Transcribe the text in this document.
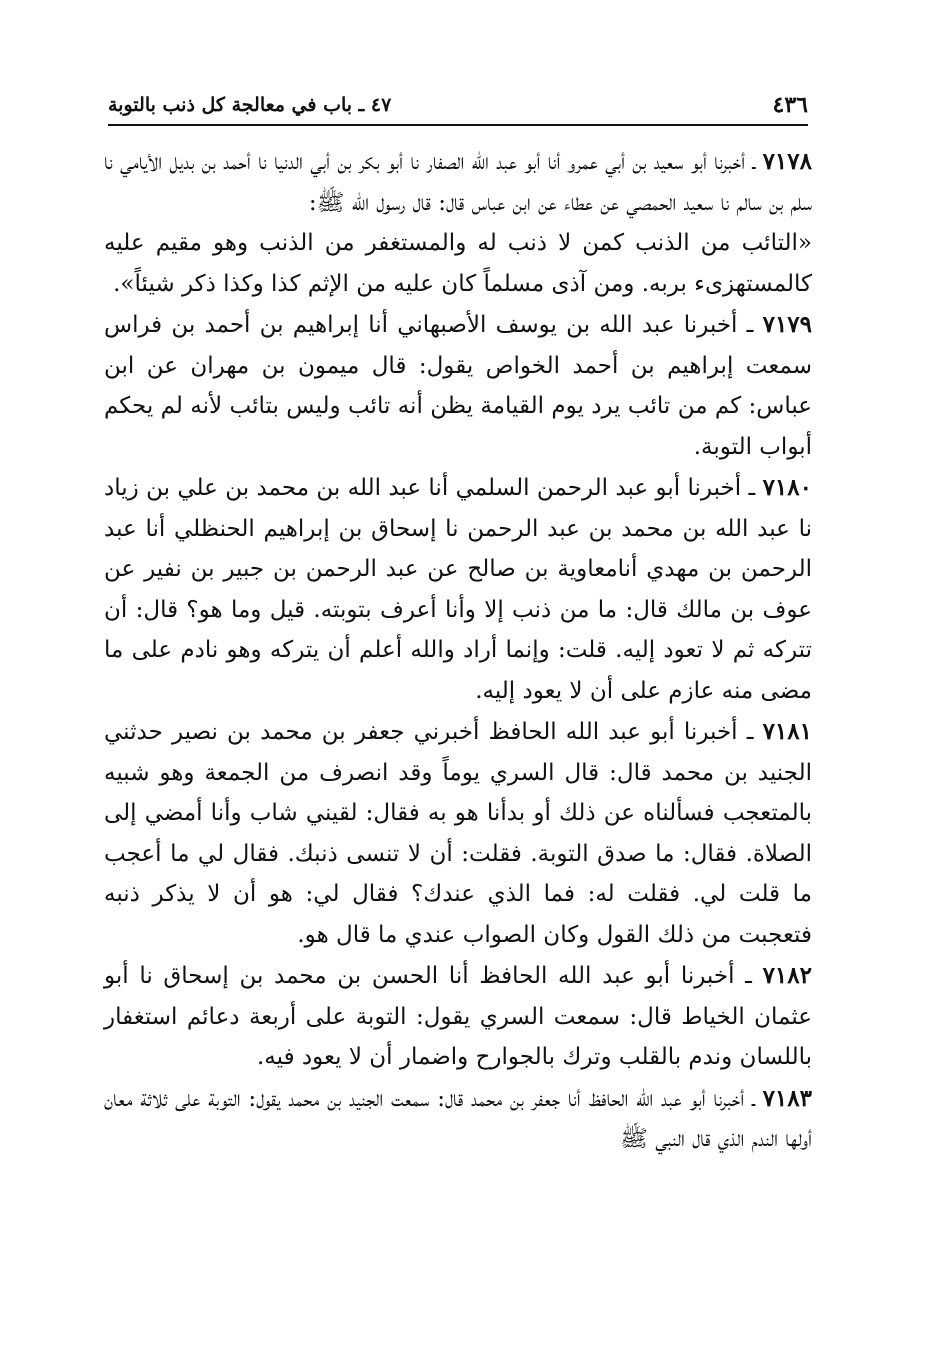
٤٣٦
٤٧ ـ باب في معالجة كل ذنب بالتوبة

٧١٧٨ ـ أخبرنا أبو سعيد بن أبي عمرو أنا أبو عبد الله الصفار نا أبو بكر بن أبي الدنيا نا أحمد بن بديل الأيامي نا سلم بن سالم نا سعيد الحمصي عن عطاء عن ابن عباس قال: قال رسول الله ﷺ:
«التائب من الذنب كمن لا ذنب له والمستغفر من الذنب وهو مقيم عليه كالمستهزىء بربه. ومن آذى مسلماً كان عليه من الإثم كذا وكذا ذكر شيئاً».

٧١٧٩ ـ أخبرنا عبد الله بن يوسف الأصبهاني أنا إبراهيم بن أحمد بن فراس سمعت إبراهيم بن أحمد الخواص يقول: قال ميمون بن مهران عن ابن عباس: كم من تائب يرد يوم القيامة يظن أنه تائب وليس بتائب لأنه لم يحكم أبواب التوبة.

٧١٨٠ ـ أخبرنا أبو عبد الرحمن السلمي أنا عبد الله بن محمد بن علي بن زياد نا عبد الله بن محمد بن عبد الرحمن نا إسحاق بن إبراهيم الحنظلي أنا عبد الرحمن بن مهدي أنامعاوية بن صالح عن عبد الرحمن بن جبير بن نفير عن عوف بن مالك قال: ما من ذنب إلا وأنا أعرف بتوبته. قيل وما هو؟ قال: أن تتركه ثم لا تعود إليه. قلت: وإنما أراد والله أعلم أن يتركه وهو نادم على ما مضى منه عازم على أن لا يعود إليه.

٧١٨١ ـ أخبرنا أبو عبد الله الحافظ أخبرني جعفر بن محمد بن نصير حدثني الجنيد بن محمد قال: قال السري يوماً وقد انصرف من الجمعة وهو شبيه بالمتعجب فسألناه عن ذلك أو بدأنا هو به فقال: لقيني شاب وأنا أمضي إلى الصلاة. فقال: ما صدق التوبة. فقلت: أن لا تنسى ذنبك. فقال لي ما أعجب ما قلت لي. فقلت له: فما الذي عندك؟ فقال لي: هو أن لا يذكر ذنبه فتعجبت من ذلك القول وكان الصواب عندي ما قال هو.

٧١٨٢ ـ أخبرنا أبو عبد الله الحافظ أنا الحسن بن محمد بن إسحاق نا أبو عثمان الخياط قال: سمعت السري يقول: التوبة على أربعة دعائم استغفار باللسان وندم بالقلب وترك بالجوارح واضمار أن لا يعود فيه.

٧١٨٣ ـ أخبرنا أبو عبد الله الحافظ أنا جعفر بن محمد قال: سمعت الجنيد بن محمد يقول: التوبة على ثلاثة معان أولها الندم الذي قال النبي ﷺ
